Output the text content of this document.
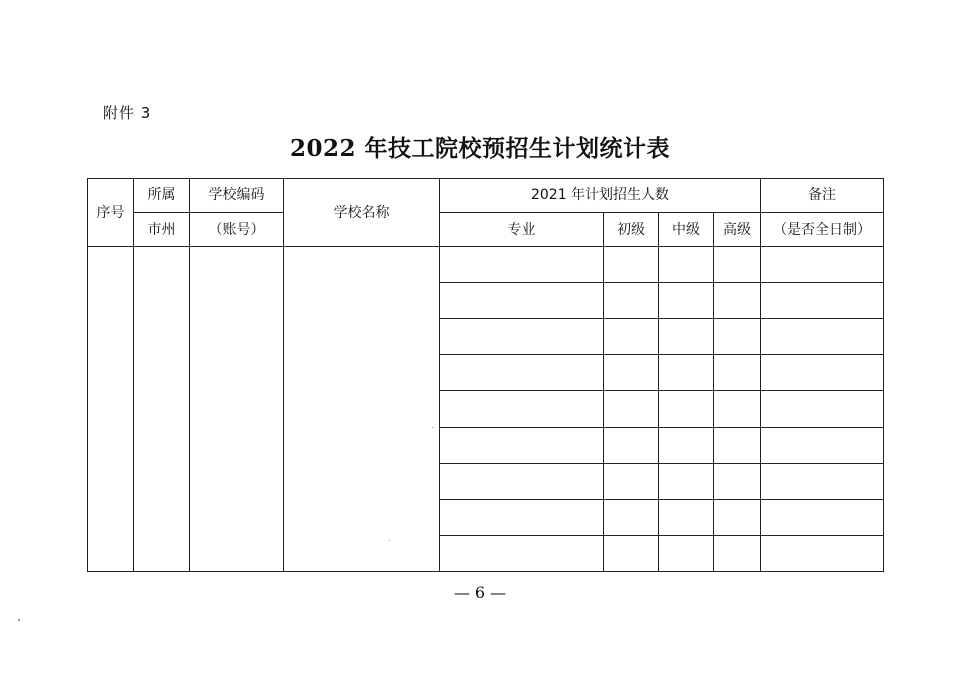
附件 3
2022 年技工院校预招生计划统计表
序号	所属	学校编码	学校名称	2021 年计划招生人数				备注
	市州	（账号）		专业	初级	中级	高级	（是否全日制）

— 6 —
